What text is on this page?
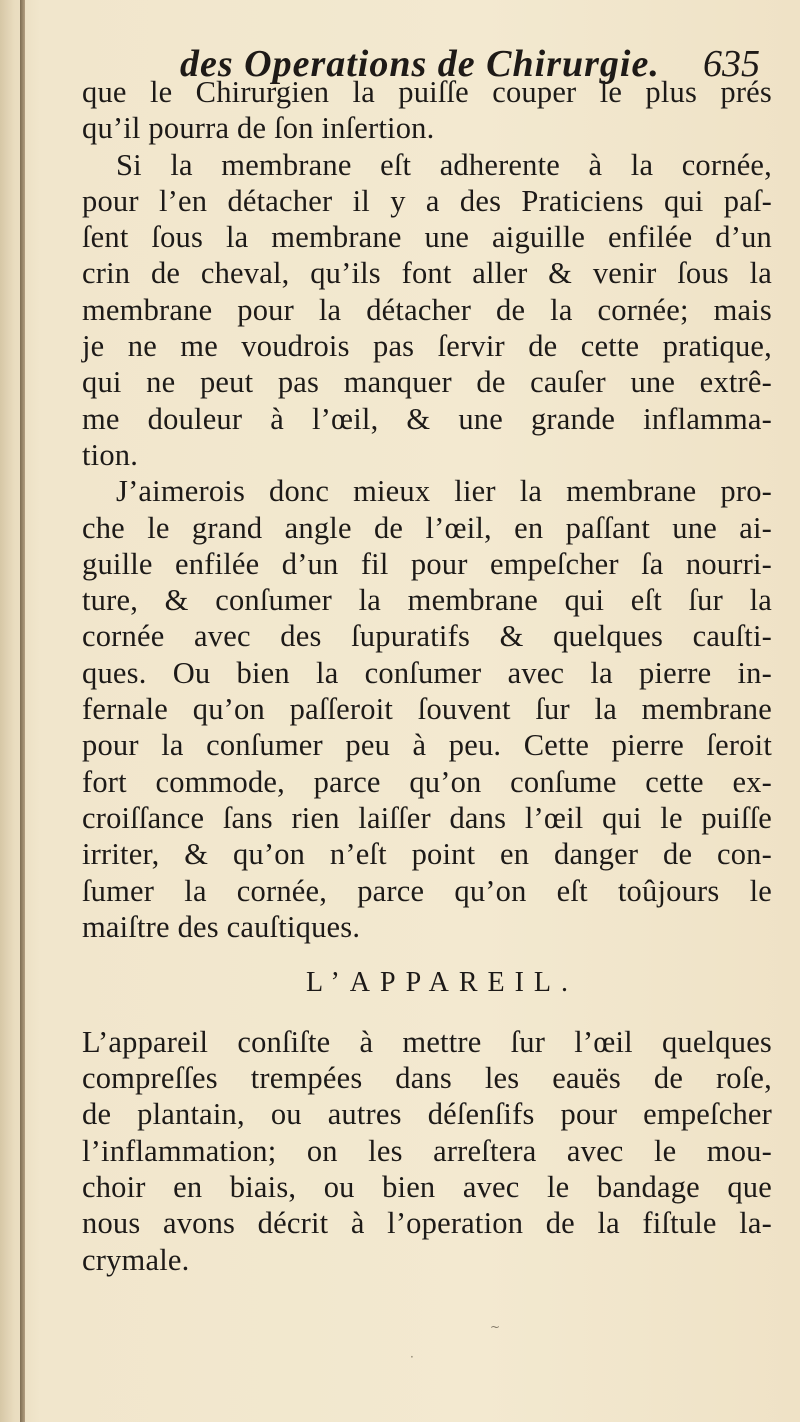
des Operations de Chirurgie. 635
que le Chirurgien la puiſſe couper le plus prés
qu’il pourra de ſon inſertion.
Si la membrane eſt adherente à la cornée,
pour l’en détacher il y a des Praticiens qui paſ-
ſent ſous la membrane une aiguille enfilée d’un
crin de cheval, qu’ils font aller & venir ſous la
membrane pour la détacher de la cornée; mais
je ne me voudrois pas ſervir de cette pratique,
qui ne peut pas manquer de cauſer une extrê-
me douleur à l’œil, & une grande inflamma-
tion.
J’aimerois donc mieux lier la membrane pro-
che le grand angle de l’œil, en paſſant une ai-
guille enfilée d’un fil pour empeſcher ſa nourri-
ture, & conſumer la membrane qui eſt ſur la
cornée avec des ſupuratifs & quelques cauſti-
ques. Ou bien la conſumer avec la pierre in-
fernale qu’on paſſeroit ſouvent ſur la membrane
pour la conſumer peu à peu. Cette pierre ſeroit
fort commode, parce qu’on conſume cette ex-
croiſſance ſans rien laiſſer dans l’œil qui le puiſſe
irriter, & qu’on n’eſt point en danger de con-
ſumer la cornée, parce qu’on eſt toûjours le
maiſtre des cauſtiques.
L’APPAREIL.
L’appareil conſiſte à mettre ſur l’œil quelques
compreſſes trempées dans les eauës de roſe,
de plantain, ou autres déſenſifs pour empeſcher
l’inflammation; on les arreſtera avec le mou-
choir en biais, ou bien avec le bandage que
nous avons décrit à l’operation de la fiſtule la-
crymale.
·
~
